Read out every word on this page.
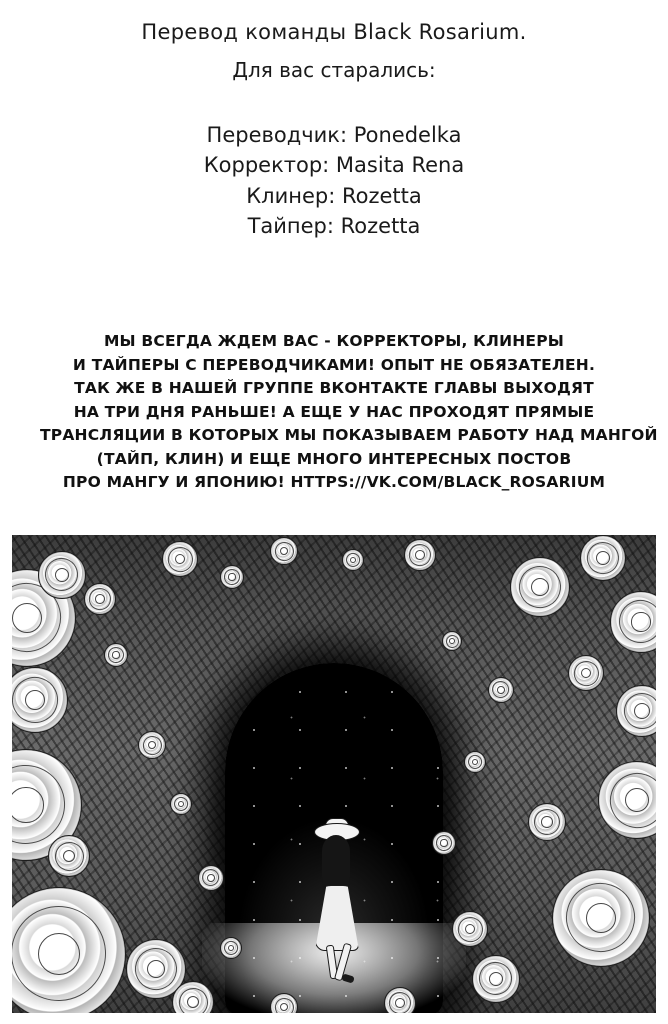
Перевод команды Black Rosarium.
Для вас старались:
Переводчик: Ponedelka
Корректор: Masita Rena
Клинер: Rozetta
Тайпер: Rozetta
МЫ ВСЕГДА ЖДЕМ ВАС - КОРРЕКТОРЫ, КЛИНЕРЫ
И ТАЙПЕРЫ С ПЕРЕВОДЧИКАМИ! ОПЫТ НЕ ОБЯЗАТЕЛЕН.
ТАК ЖЕ В НАШЕЙ ГРУППЕ ВКОНТАКТЕ ГЛАВЫ ВЫХОДЯТ
НА ТРИ ДНЯ РАНЬШЕ! А ЕЩЕ У НАС ПРОХОДЯТ ПРЯМЫЕ
ТРАНСЛЯЦИИ В КОТОРЫХ МЫ ПОКАЗЫВАЕМ РАБОТУ НАД МАНГОЙ
(ТАЙП, КЛИН) И ЕЩЕ МНОГО ИНТЕРЕСНЫХ ПОСТОВ
ПРО МАНГУ И ЯПОНИЮ! HTTPS://VK.COM/BLACK_ROSARIUM
